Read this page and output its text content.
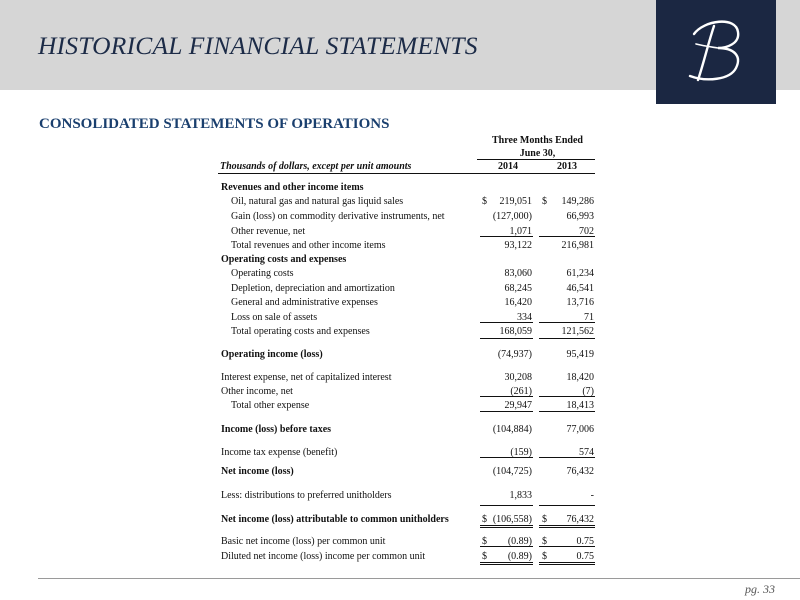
HISTORICAL FINANCIAL STATEMENTS
CONSOLIDATED STATEMENTS OF OPERATIONS
Three Months Ended
June 30,
Thousands of dollars, except per unit amounts	2014	2013
Revenues and other income items
Oil, natural gas and natural gas liquid sales	$	219,051 $	149,286
Gain (loss) on commodity derivative instruments, net	(127,000)	66,993
Other revenue, net	1,071	702
Total revenues and other income items	93,122	216,981
Operating costs and expenses
Operating costs	83,060	61,234
Depletion, depreciation and amortization	68,245	46,541
General and administrative expenses	16,420	13,716
Loss on sale of assets	334	71
Total operating costs and expenses	168,059	121,562
Operating income (loss)	(74,937)	95,419
Interest expense, net of capitalized interest	30,208	18,420
Other income, net	(261)	(7)
Total other expense	29,947	18,413
Income (loss) before taxes	(104,884)	77,006
Income tax expense (benefit)	(159)	574
Net income (loss)	(104,725)	76,432
Less: distributions to preferred unitholders	1,833	-
Net income (loss) attributable to common unitholders	$ (106,558) $	76,432
Basic net income (loss) per common unit	$	(0.89) $	0.75
Diluted net income (loss) income per common unit	$	(0.89) $	0.75
pg. 33
